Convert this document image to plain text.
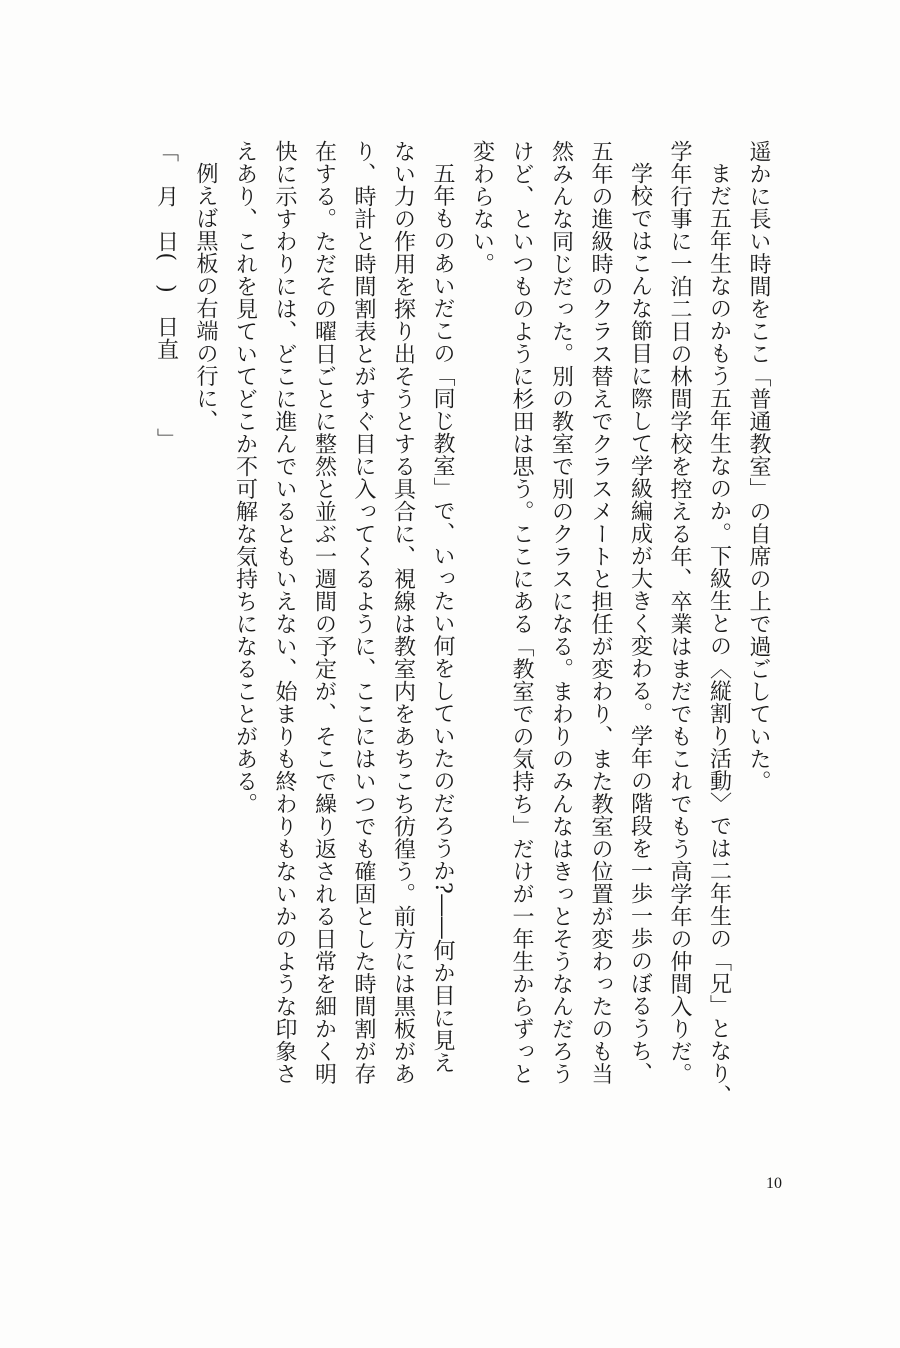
遥かに長い時間をここ「普通教室」の自席の上で過ごしていた。

まだ五年生なのかもう五年生なのか。下級生との〈縦割り活動〉では二年生の「兄」となり、

学年行事に一泊二日の林間学校を控える年、卒業はまだでもこれでもう高学年の仲間入りだ。

学校ではこんな節目に際して学級編成が大きく変わる。学年の階段を一歩一歩のぼるうち、

五年の進級時のクラス替えでクラスメートと担任が変わり、また教室の位置が変わったのも当

然みんな同じだった。別の教室で別のクラスになる。まわりのみんなはきっとそうなんだろう

けど、といつものように杉田は思う。ここにある「教室での気持ち」だけが一年生からずっと

変わらない。

五年ものあいだこの「同じ教室」で、いったい何をしていたのだろうか?――何か目に見え

ない力の作用を探り出そうとする具合に、視線は教室内をあちこち彷徨う。前方には黒板があ

り、時計と時間割表とがすぐ目に入ってくるように、ここにはいつでも確固とした時間割が存

在する。ただその曜日ごとに整然と並ぶ一週間の予定が、そこで繰り返される日常を細かく明

快に示すわりには、どこに進んでいるともいえない、始まりも終わりもないかのような印象さ

えあり、これを見ていてどこか不可解な気持ちになることがある。

例えば黒板の右端の行に、

「　月　日(　)　日直　　　」

10
